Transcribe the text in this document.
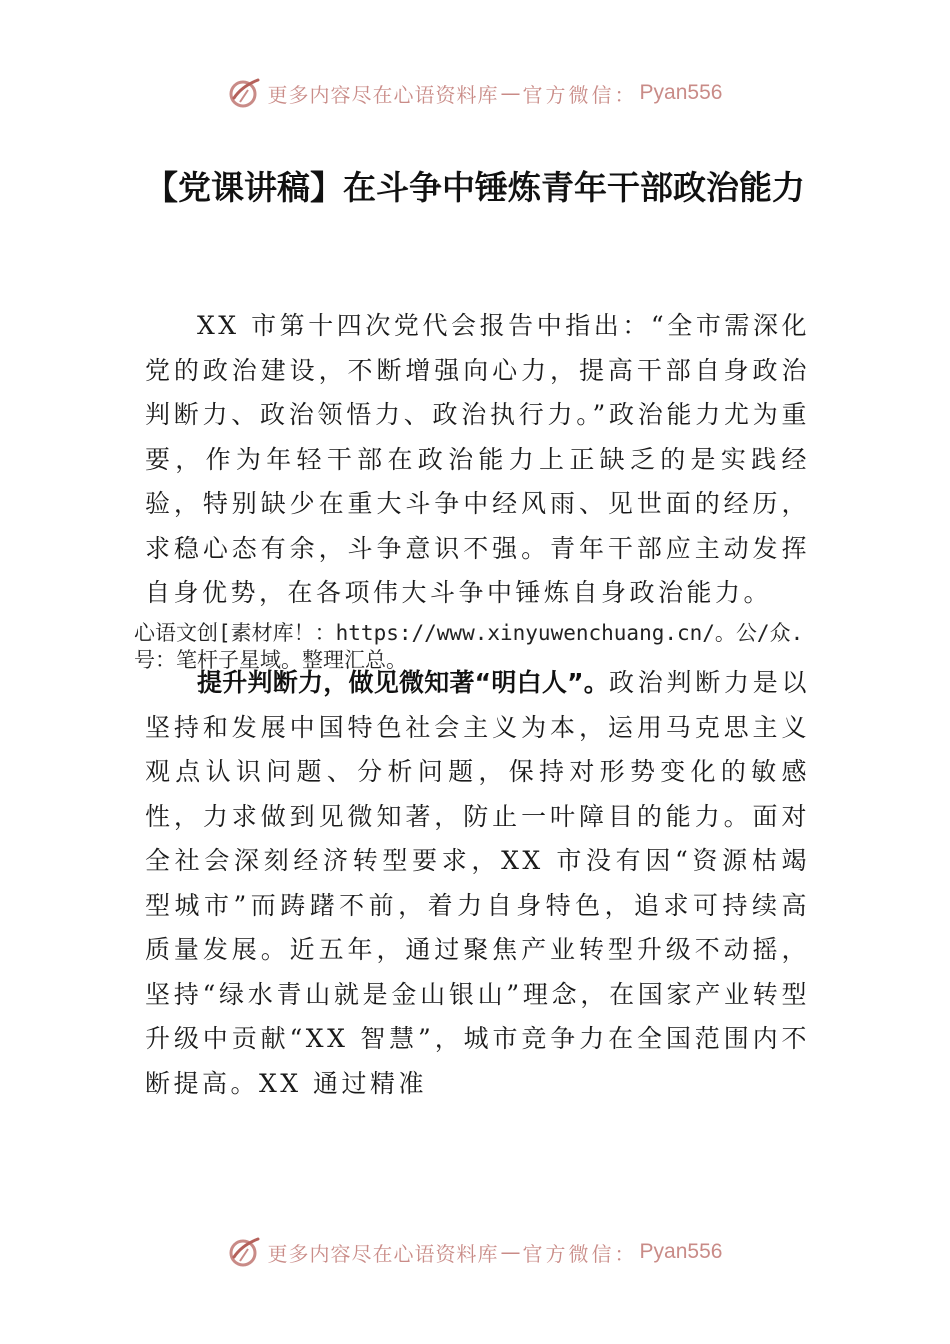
更多内容尽在心语资料库 — 官方微信： Pyan556
【党课讲稿】在斗争中锤炼青年干部政治能力

XX 市第十四次党代会报告中指出：“全市需深化党的政治建设，不断增强向心力，提高干部自身政治判断力、政治领悟力、政治执行力。”政治能力尤为重要，作为年轻干部在政治能力上正缺乏的是实践经验，特别缺少在重大斗争中经风雨、见世面的经历，求稳心态有余，斗争意识不强。青年干部应主动发挥自身优势，在各项伟大斗争中锤炼自身政治能力。

心语文创[素材库！：https://www.xinyuwenchuang.cn/。公/众.号：笔杆子星域。整理汇总。

提升判断力，做见微知著“明白人”。政治判断力是以坚持和发展中国特色社会主义为本，运用马克思主义观点认识问题、分析问题，保持对形势变化的敏感性，力求做到见微知著，防止一叶障目的能力。面对全社会深刻经济转型要求，XX 市没有因“资源枯竭型城市”而踌躇不前，着力自身特色，追求可持续高质量发展。近五年，通过聚焦产业转型升级不动摇，坚持“绿水青山就是金山银山”理念，在国家产业转型升级中贡献“XX 智慧”，城市竞争力在全国范围内不断提高。XX 通过精准

更多内容尽在心语资料库 — 官方微信： Pyan556
